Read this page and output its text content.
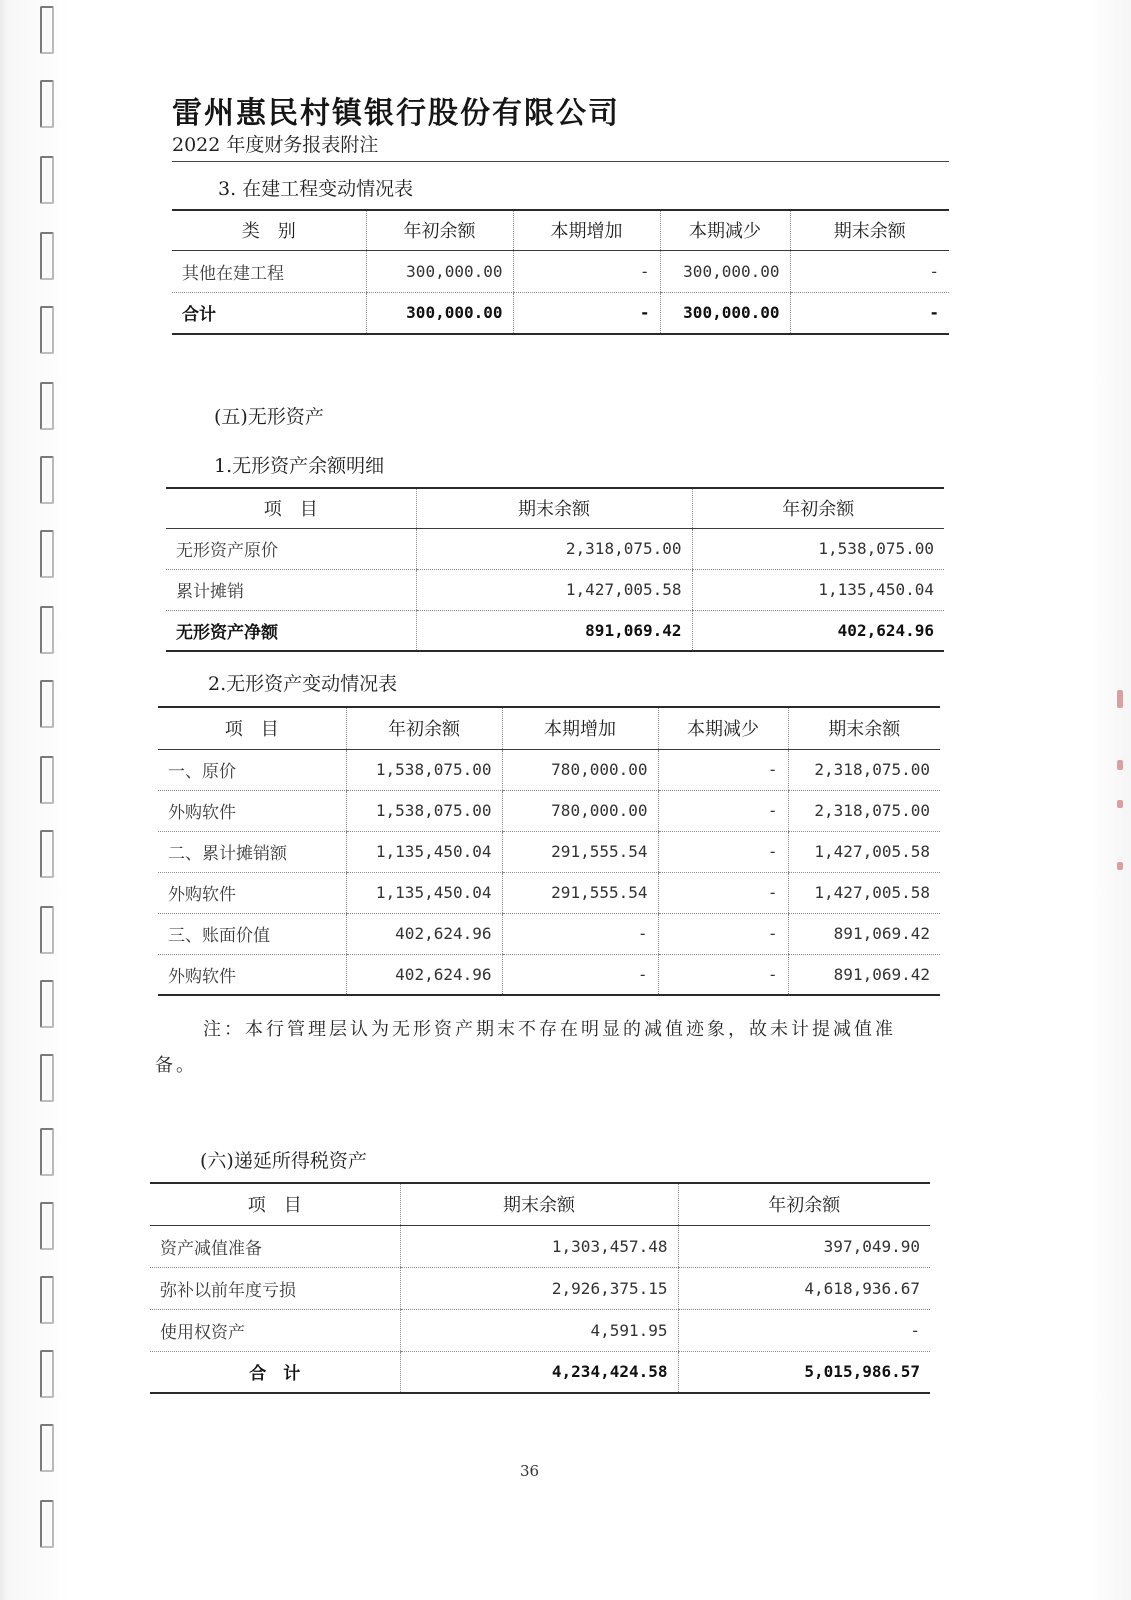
雷州惠民村镇银行股份有限公司
2022 年度财务报表附注
3. 在建工程变动情况表
类　别	年初余额	本期增加	本期减少	期末余额
其他在建工程	300,000.00	-	300,000.00	-
合计	300,000.00	-	300,000.00	-
(五)无形资产
1.无形资产余额明细
项　目	期末余额	年初余额
无形资产原价	2,318,075.00	1,538,075.00
累计摊销	1,427,005.58	1,135,450.04
无形资产净额	891,069.42	402,624.96
2.无形资产变动情况表
项　目	年初余额	本期增加	本期减少	期末余额
一、原价	1,538,075.00	780,000.00	-	2,318,075.00
外购软件	1,538,075.00	780,000.00	-	2,318,075.00
二、累计摊销额	1,135,450.04	291,555.54	-	1,427,005.58
外购软件	1,135,450.04	291,555.54	-	1,427,005.58
三、账面价值	402,624.96	-	-	891,069.42
外购软件	402,624.96	-	-	891,069.42
注：本行管理层认为无形资产期末不存在明显的减值迹象，故未计提减值准备。
(六)递延所得税资产
项　目	期末余额	年初余额
资产减值准备	1,303,457.48	397,049.90
弥补以前年度亏损	2,926,375.15	4,618,936.67
使用权资产	4,591.95	-
合　计	4,234,424.58	5,015,986.57
36
